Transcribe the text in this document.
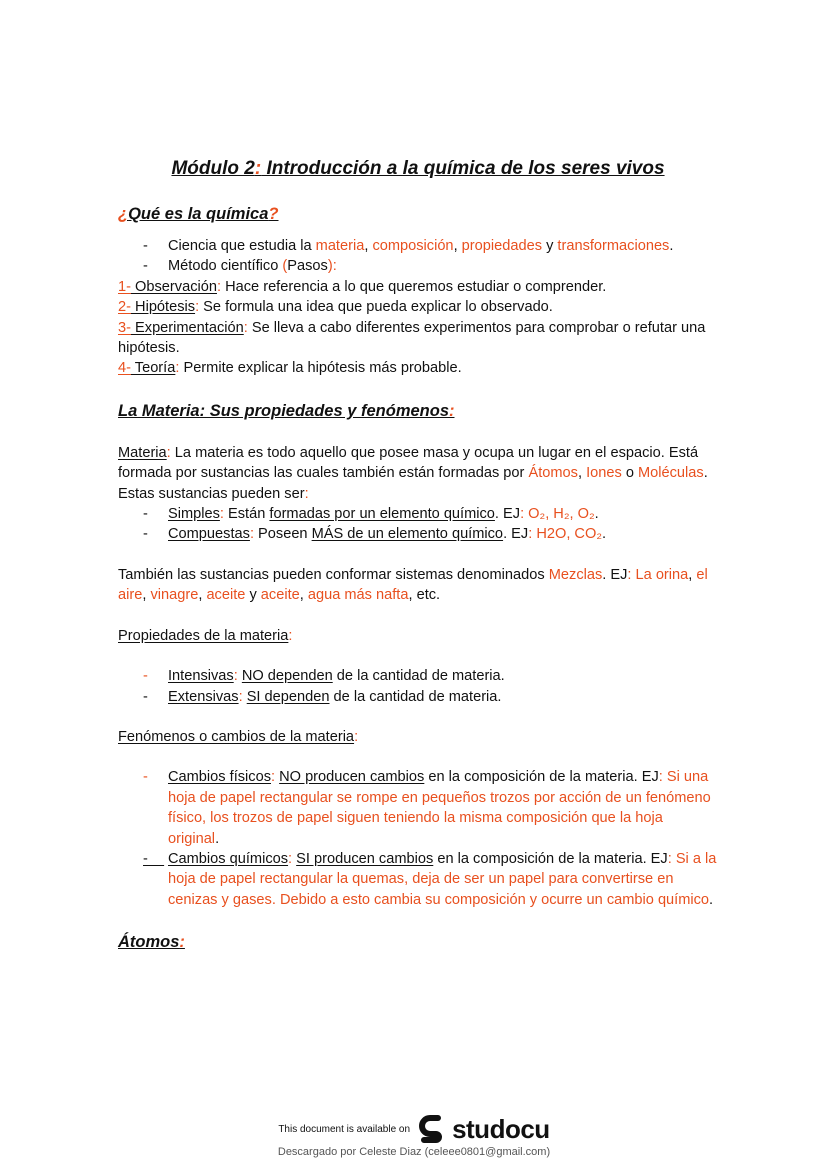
Módulo 2: Introducción a la química de los seres vivos
¿Qué es la química?

- Ciencia que estudia la materia, composición, propiedades y transformaciones.

- Método científico (Pasos):

1- Observación: Hace referencia a lo que queremos estudiar o comprender.

2- Hipótesis: Se formula una idea que pueda explicar lo observado.

3- Experimentación: Se lleva a cabo diferentes experimentos para comprobar o refutar una hipótesis.

4- Teoría: Permite explicar la hipótesis más probable.

La Materia: Sus propiedades y fenómenos:

Materia: La materia es todo aquello que posee masa y ocupa un lugar en el espacio. Está formada por sustancias las cuales también están formadas por Átomos, Iones o Moléculas.

Estas sustancias pueden ser:

- Simples: Están formadas por un elemento químico. EJ: O₂, H₂, O₂.

- Compuestas: Poseen MÁS de un elemento químico. EJ: H2O, CO₂.

También las sustancias pueden conformar sistemas denominados Mezclas. EJ: La orina, el aire, vinagre, aceite y aceite, agua más nafta, etc.

Propiedades de la materia:

- Intensivas: NO dependen de la cantidad de materia.

- Extensivas: SI dependen de la cantidad de materia.

Fenómenos o cambios de la materia:

- Cambios físicos: NO producen cambios en la composición de la materia. EJ: Si una hoja de papel rectangular se rompe en pequeños trozos por acción de un fenómeno físico, los trozos de papel siguen teniendo la misma composición que la hoja original.

- Cambios químicos: SI producen cambios en la composición de la materia. EJ: Si a la hoja de papel rectangular la quemas, deja de ser un papel para convertirse en cenizas y gases. Debido a esto cambia su composición y ocurre un cambio químico.

Átomos:
This document is available on studocu
Descargado por Celeste Diaz (celeee0801@gmail.com)
